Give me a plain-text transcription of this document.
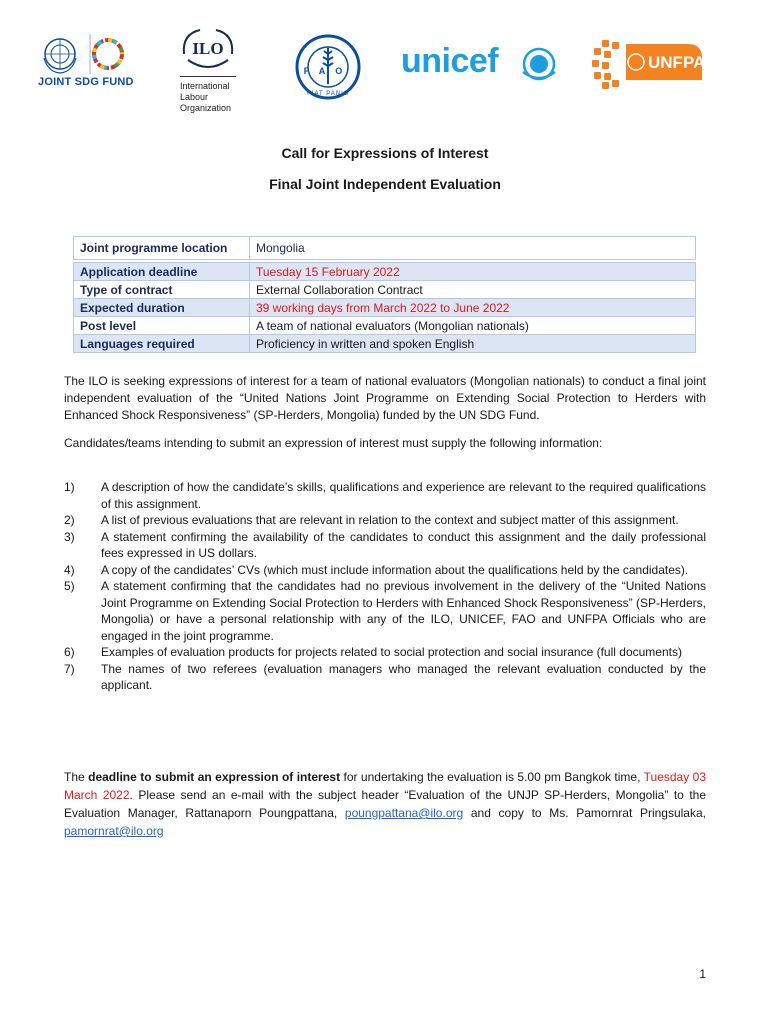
JOINT SDG FUND
ILO
International
Labour
Organization
FAO
FIAT PANIS
unicef	UNFPA
Call for Expressions of Interest
Final Joint Independent Evaluation
Joint programme location	Mongolia

Application deadline	Tuesday 15 February 2022
Type of contract	External Collaboration Contract
Expected duration	39 working days from March 2022 to June 2022
Post level	A team of national evaluators (Mongolian nationals)
Languages required	Proficiency in written and spoken English
The ILO is seeking expressions of interest for a team of national evaluators (Mongolian nationals) to conduct a final joint independent evaluation of the “United Nations Joint Programme on Extending Social Protection to Herders with Enhanced Shock Responsiveness” (SP-Herders, Mongolia) funded by the UN SDG Fund.
Candidates/teams intending to submit an expression of interest must supply the following information:
1)	A description of how the candidate’s skills, qualifications and experience are relevant to the required qualifications of this assignment.
2)	A list of previous evaluations that are relevant in relation to the context and subject matter of this assignment.
3)	A statement confirming the availability of the candidates to conduct this assignment and the daily professional fees expressed in US dollars.
4)	A copy of the candidates’ CVs (which must include information about the qualifications held by the candidates).
5)	A statement confirming that the candidates had no previous involvement in the delivery of the “United Nations Joint Programme on Extending Social Protection to Herders with Enhanced Shock Responsiveness” (SP-Herders, Mongolia) or have a personal relationship with any of the ILO, UNICEF, FAO and UNFPA Officials who are engaged in the joint programme.
6)	Examples of evaluation products for projects related to social protection and social insurance (full documents)
7)	The names of two referees (evaluation managers who managed the relevant evaluation conducted by the applicant.
The deadline to submit an expression of interest for undertaking the evaluation is 5.00 pm Bangkok time, Tuesday 03 March 2022. Please send an e-mail with the subject header “Evaluation of the UNJP SP-Herders, Mongolia” to the Evaluation Manager, Rattanaporn Poungpattana, poungpattana@ilo.org and copy to Ms. Pamornrat Pringsulaka, pamornrat@ilo.org
1
